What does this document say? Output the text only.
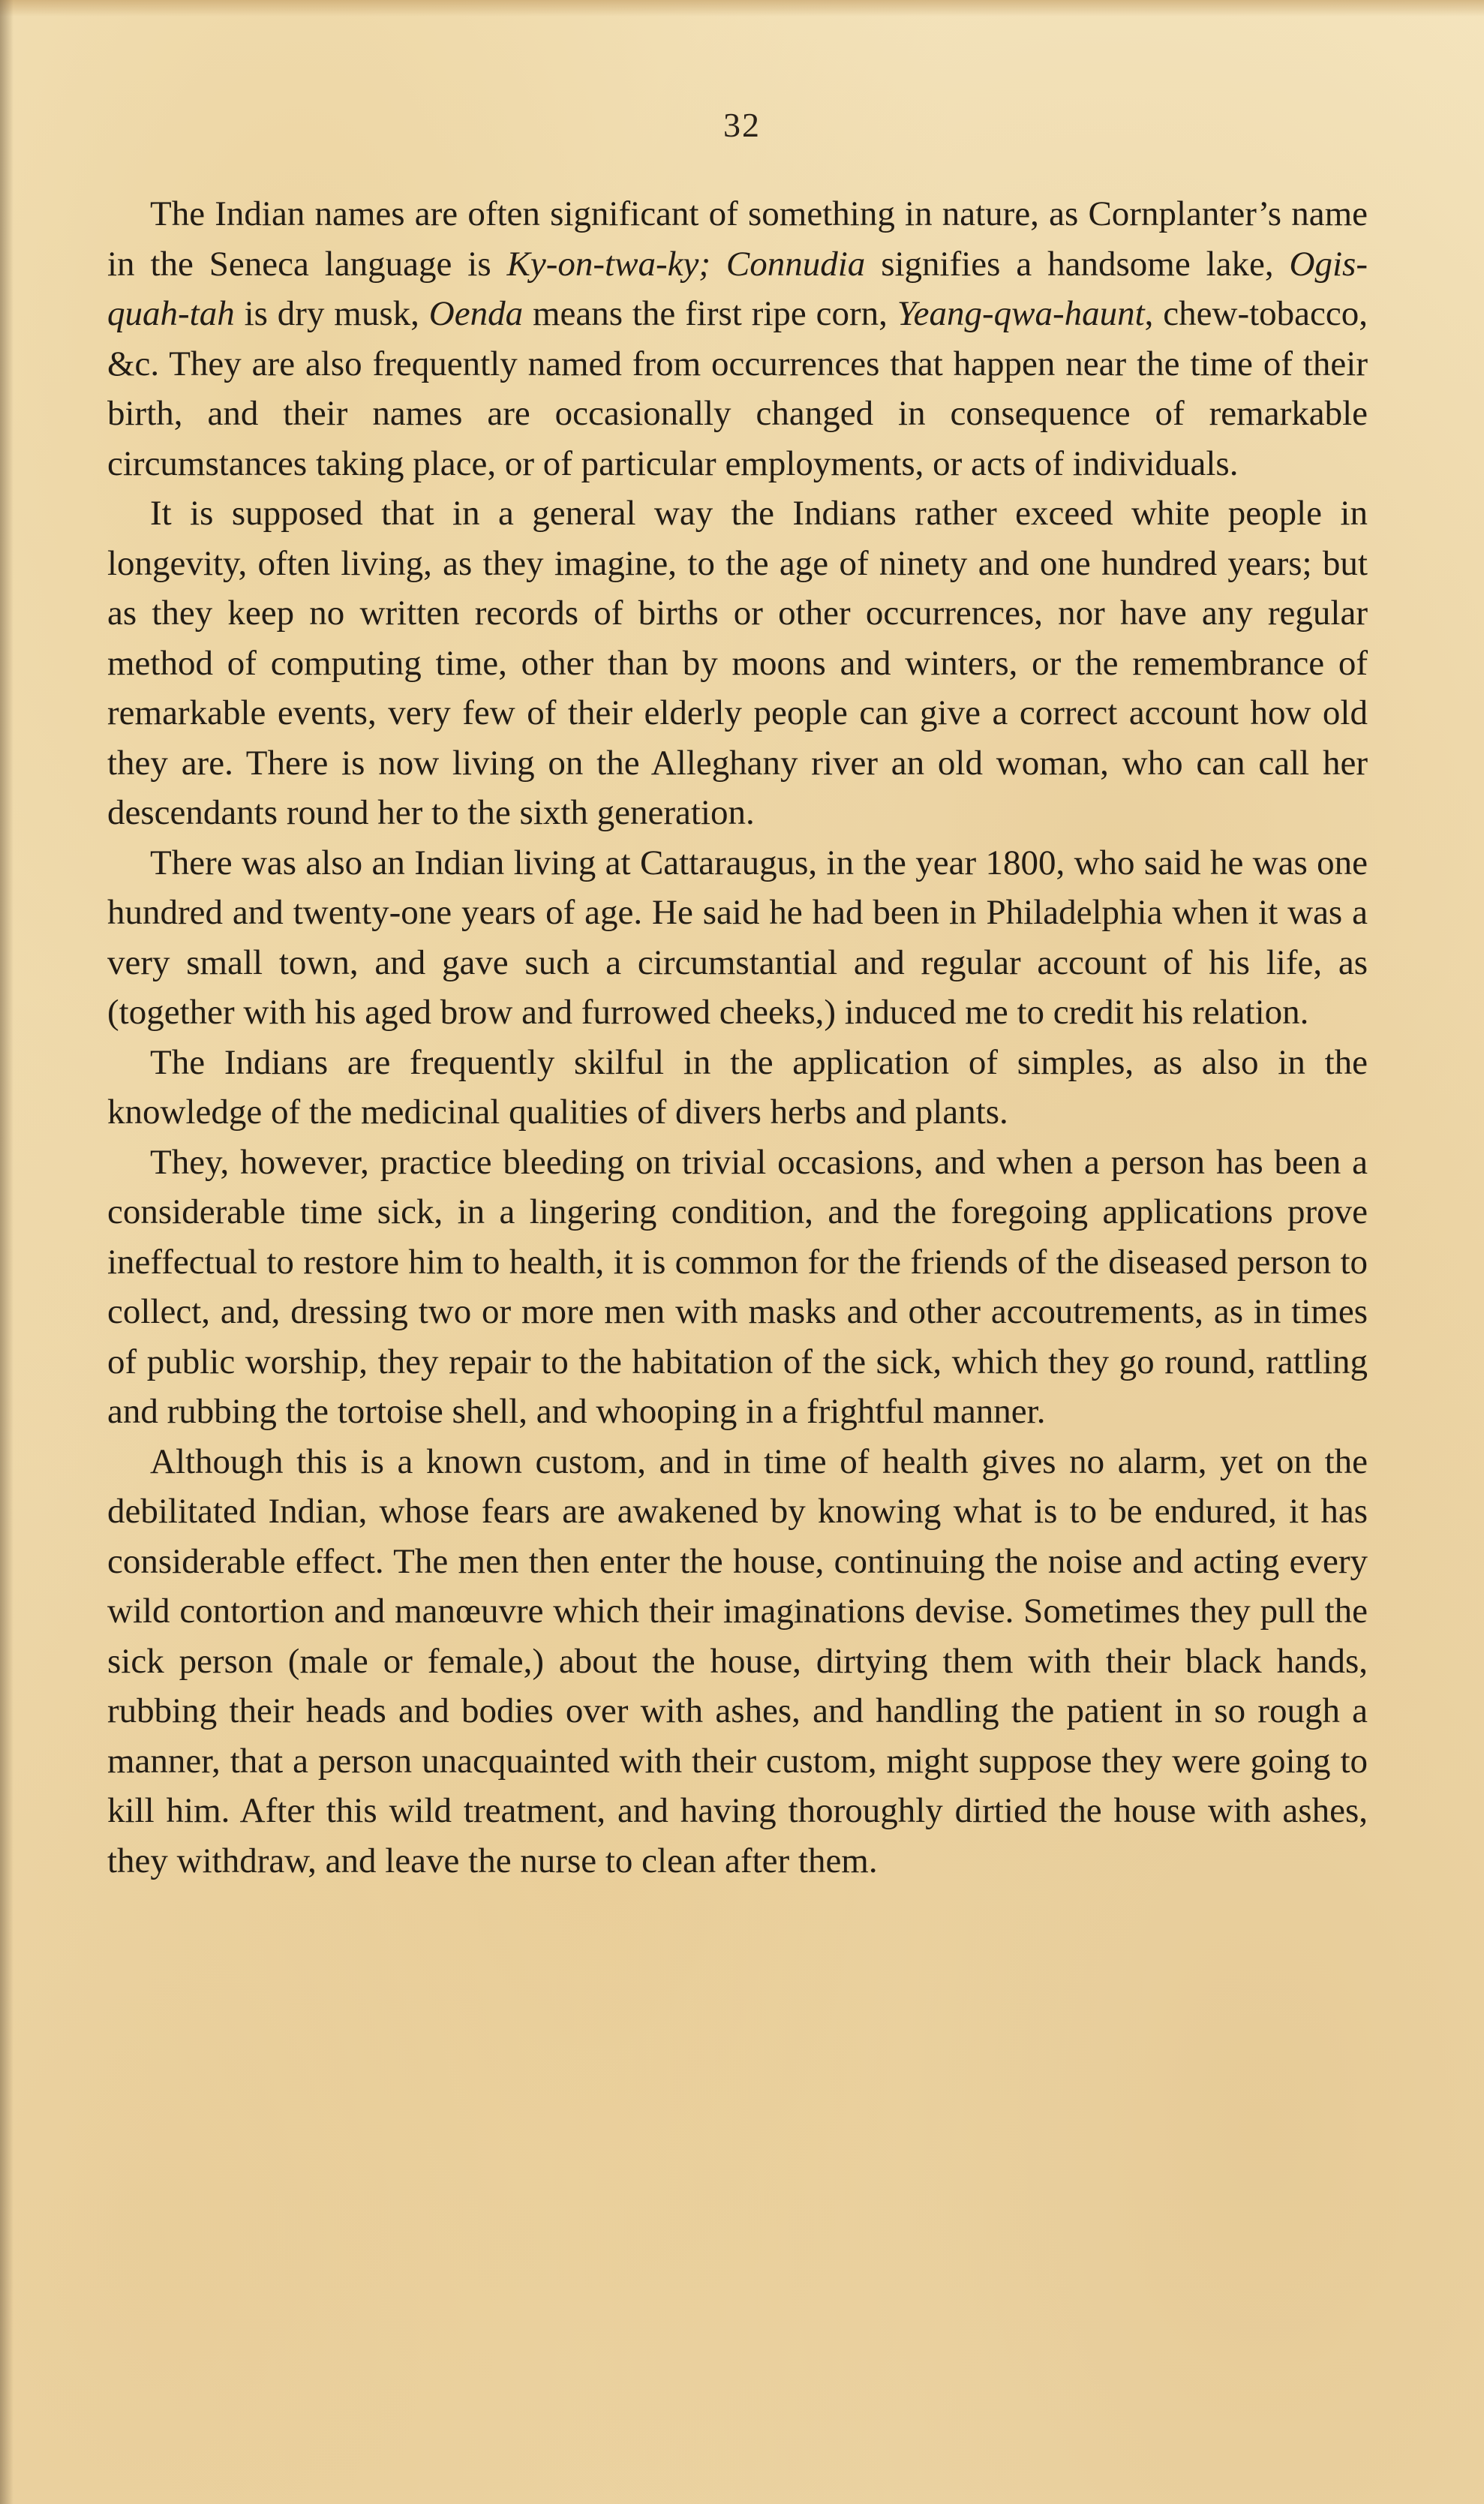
32

The Indian names are often significant of something in nature, as Cornplanter’s name in the Seneca language is Ky-on-twa-ky; Connudia signifies a handsome lake, Ogis-quah-tah is dry musk, Oenda means the first ripe corn, Yeang-qwa-haunt, chew-tobacco, &c. They are also frequently named from occurrences that happen near the time of their birth, and their names are occasionally changed in consequence of remarkable circumstances taking place, or of particular employments, or acts of individuals.

It is supposed that in a general way the Indians rather exceed white people in longevity, often living, as they imagine, to the age of ninety and one hundred years; but as they keep no written records of births or other occurrences, nor have any regular method of computing time, other than by moons and winters, or the remembrance of remarkable events, very few of their elderly people can give a correct account how old they are. There is now living on the Alleghany river an old woman, who can call her descendants round her to the sixth generation.

There was also an Indian living at Cattaraugus, in the year 1800, who said he was one hundred and twenty-one years of age. He said he had been in Philadelphia when it was a very small town, and gave such a circumstantial and regular account of his life, as (together with his aged brow and furrowed cheeks,) induced me to credit his relation.

The Indians are frequently skilful in the application of simples, as also in the knowledge of the medicinal qualities of divers herbs and plants.

They, however, practice bleeding on trivial occasions, and when a person has been a considerable time sick, in a lingering condition, and the foregoing applications prove ineffectual to restore him to health, it is common for the friends of the diseased person to collect, and, dressing two or more men with masks and other accoutrements, as in times of public worship, they repair to the habitation of the sick, which they go round, rattling and rubbing the tortoise shell, and whooping in a frightful manner.

Although this is a known custom, and in time of health gives no alarm, yet on the debilitated Indian, whose fears are awakened by knowing what is to be endured, it has considerable effect. The men then enter the house, continuing the noise and acting every wild contortion and manœuvre which their imaginations devise. Sometimes they pull the sick person (male or female,) about the house, dirtying them with their black hands, rubbing their heads and bodies over with ashes, and handling the patient in so rough a manner, that a person unacquainted with their custom, might suppose they were going to kill him. After this wild treatment, and having thoroughly dirtied the house with ashes, they withdraw, and leave the nurse to clean after them.
